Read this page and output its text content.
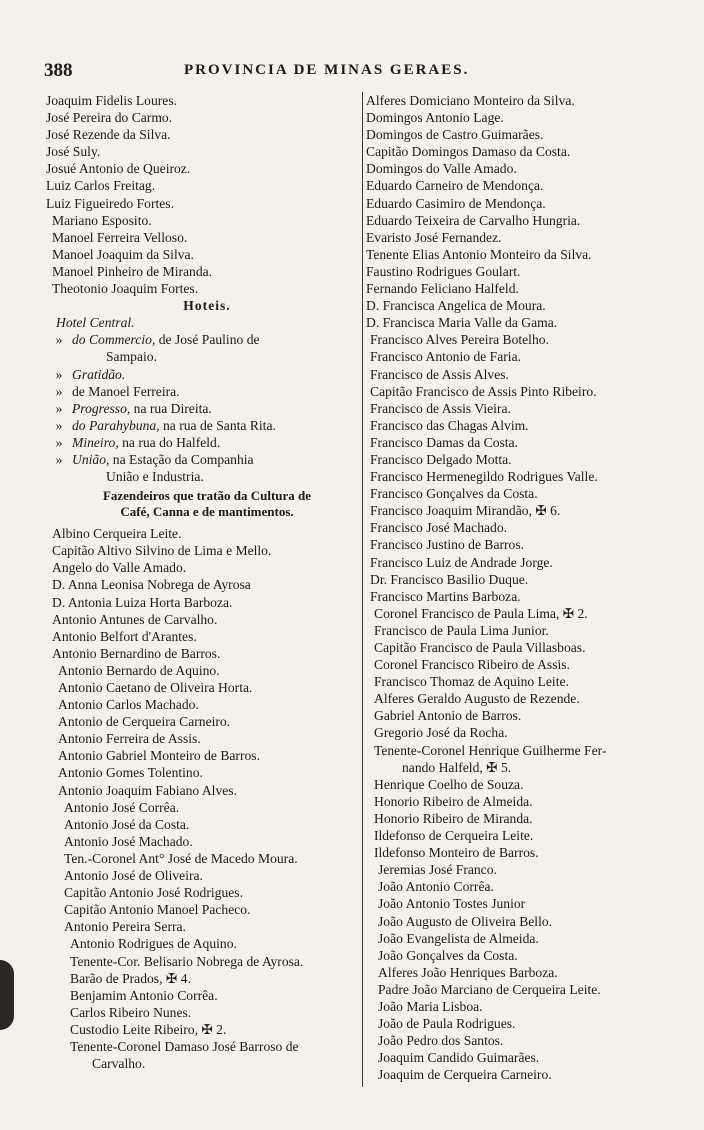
388	PROVINCIA DE MINAS GERAES.
Joaquim Fidelis Loures.
José Pereira do Carmo.
José Rezende da Silva.
José Suly.
Josué Antonio de Queiroz.
Luiz Carlos Freitag.
Luiz Figueiredo Fortes.
Mariano Esposito.
Manoel Ferreira Velloso.
Manoel Joaquim da Silva.
Manoel Pinheiro de Miranda.
Theotonio Joaquim Fortes.
Hoteis.
Hotel Central.
» do Commercio, de José Paulino de
Sampaio.
» Gratidão.
» de Manoel Ferreira.
» Progresso, na rua Direita.
» do Parahybuna, na rua de Santa Rita.
» Mineiro, na rua do Halfeld.
» União, na Estação da Companhia
União e Industria.
Fazendeiros que tratão da Cultura de
Café, Canna e de mantimentos.
Albino Cerqueira Leite.
Capitão Altivo Silvino de Lima e Mello.
Angelo do Valle Amado.
D. Anna Leonisa Nobrega de Ayrosa
D. Antonia Luiza Horta Barboza.
Antonio Antunes de Carvalho.
Antonio Belfort d'Arantes.
Antonio Bernardino de Barros.
Antonio Bernardo de Aquino.
Antonio Caetano de Oliveira Horta.
Antonio Carlos Machado.
Antonio de Cerqueira Carneiro.
Antonio Ferreira de Assis.
Antonio Gabriel Monteiro de Barros.
Antonio Gomes Tolentino.
Antonio Joaquim Fabiano Alves.
Antonio José Corrêa.
Antonio José da Costa.
Antonio José Machado.
Ten.-Coronel Ant° José de Macedo Moura.
Antonio José de Oliveira.
Capitão Antonio José Rodrigues.
Capitão Antonio Manoel Pacheco.
Antonio Pereira Serra.
Antonio Rodrigues de Aquino.
Tenente-Cor. Belisario Nobrega de Ayrosa.
Barão de Prados, ✠ 4.
Benjamim Antonio Corrêa.
Carlos Ribeiro Nunes.
Custodio Leite Ribeiro, ✠ 2.
Tenente-Coronel Damaso José Barroso de
Carvalho.
Alferes Domiciano Monteiro da Silva.
Domingos Antonio Lage.
Domingos de Castro Guimarães.
Capitão Domingos Damaso da Costa.
Domingos do Valle Amado.
Eduardo Carneiro de Mendonça.
Eduardo Casimiro de Mendonça.
Eduardo Teixeira de Carvalho Hungria.
Evaristo José Fernandez.
Tenente Elias Antonio Monteiro da Silva.
Faustino Rodrigues Goulart.
Fernando Feliciano Halfeld.
D. Francisca Angelica de Moura.
D. Francisca Maria Valle da Gama.
Francisco Alves Pereira Botelho.
Francisco Antonio de Faria.
Francisco de Assis Alves.
Capitão Francisco de Assis Pinto Ribeiro.
Francisco de Assis Vieira.
Francisco das Chagas Alvim.
Francisco Damas da Costa.
Francisco Delgado Motta.
Francisco Hermenegildo Rodrigues Valle.
Francisco Gonçalves da Costa.
Francisco Joaquim Mirandão, ✠ 6.
Francisco José Machado.
Francisco Justino de Barros.
Francisco Luiz de Andrade Jorge.
Dr. Francisco Basilio Duque.
Francisco Martins Barboza.
Coronel Francisco de Paula Lima, ✠ 2.
Francisco de Paula Lima Junior.
Capitão Francisco de Paula Villasboas.
Coronel Francisco Ribeiro de Assis.
Francisco Thomaz de Aquino Leite.
Alferes Geraldo Augusto de Rezende.
Gabriel Antonio de Barros.
Gregorio José da Rocha.
Tenente-Coronel Henrique Guilherme Fer-
nando Halfeld, ✠ 5.
Henrique Coelho de Souza.
Honorio Ribeiro de Almeida.
Honorio Ribeiro de Miranda.
Ildefonso de Cerqueira Leite.
Ildefonso Monteiro de Barros.
Jeremias José Franco.
João Antonio Corrêa.
João Antonio Tostes Junior
João Augusto de Oliveira Bello.
João Evangelista de Almeida.
João Gonçalves da Costa.
Alferes João Henriques Barboza.
Padre João Marciano de Cerqueira Leite.
João Maria Lisboa.
João de Paula Rodrigues.
João Pedro dos Santos.
Joaquim Candido Guimarães.
Joaquim de Cerqueira Carneiro.
